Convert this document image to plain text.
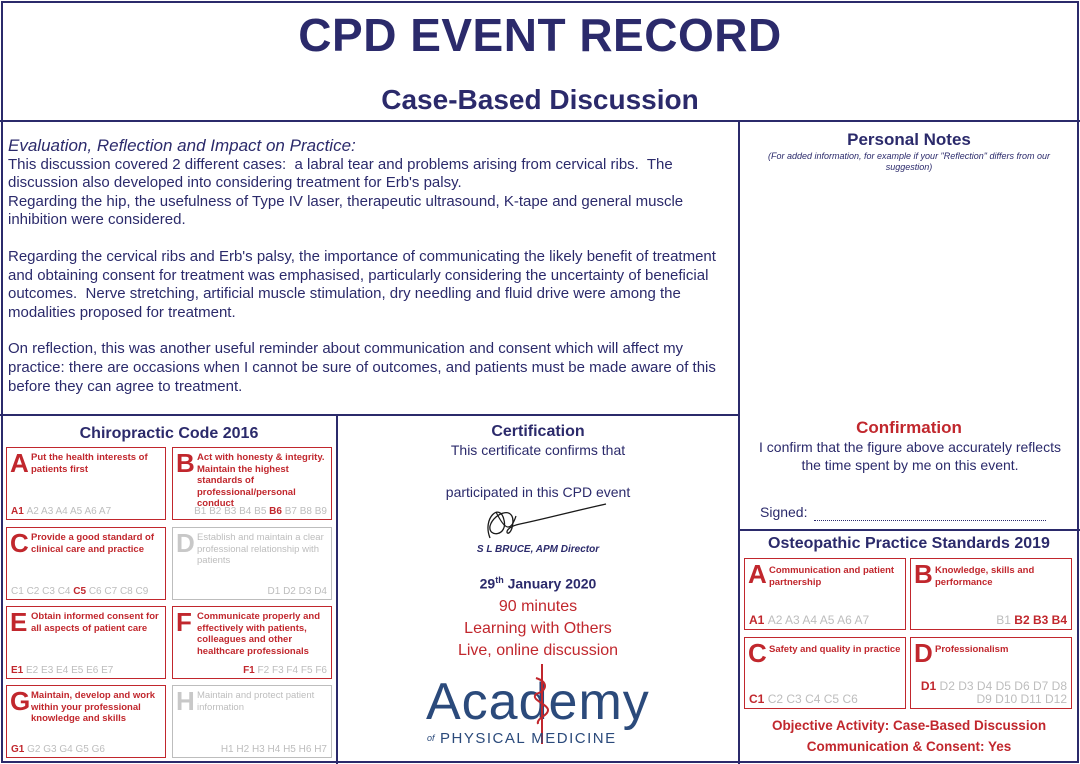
CPD EVENT RECORD
Case-Based Discussion
Evaluation, Reflection and Impact on Practice:

This discussion covered 2 different cases:  a labral tear and problems arising from cervical ribs.  The discussion also developed into considering treatment for Erb's palsy.
Regarding the hip, the usefulness of Type IV laser, therapeutic ultrasound, K-tape and general muscle inhibition were considered.

Regarding the cervical ribs and Erb's palsy, the importance of communicating the likely benefit of treatment and obtaining consent for treatment was emphasised, particularly considering the uncertainty of beneficial outcomes.  Nerve stretching, artificial muscle stimulation, dry needling and fluid drive were among the modalities proposed for treatment.

On reflection, this was another useful reminder about communication and consent which will affect my practice: there are occasions when I cannot be sure of outcomes, and patients must be made aware of this before they can agree to treatment.

Personal Notes
(For added information, for example if your "Reflection" differs from our suggestion)
Chiropractic Code 2016
A Put the health interests of patients first
A1 A2 A3 A4 A5 A6 A7
B Act with honesty & integrity. Maintain the highest standards of professional/personal conduct
B1 B2 B3 B4 B5 B6 B7 B8 B9
C Provide a good standard of clinical care and practice
C1 C2 C3 C4 C5 C6 C7 C8 C9
D Establish and maintain a clear professional relationship with patients
D1 D2 D3 D4
E Obtain informed consent for all aspects of patient care
E1 E2 E3 E4 E5 E6 E7
F Communicate properly and effectively with patients, colleagues and other healthcare professionals
F1 F2 F3 F4 F5 F6
G Maintain, develop and work within your professional knowledge and skills
G1 G2 G3 G4 G5 G6
H Maintain and protect patient information
H1 H2 H3 H4 H5 H6 H7
Certification
This certificate confirms that
participated in this CPD event
S L BRUCE, APM Director
29th January 2020
90 minutes
Learning with Others
Live, online discussion
Academy
of PHYSICAL MEDICINE
Confirmation
I confirm that the figure above accurately reflects the time spent by me on this event.
Signed:
Osteopathic Practice Standards 2019
A Communication and patient partnership
A1 A2 A3 A4 A5 A6 A7
B Knowledge, skills and performance
B1 B2 B3 B4
C Safety and quality in practice
C1 C2 C3 C4 C5 C6
D Professionalism
D1 D2 D3 D4 D5 D6 D7 D8 D9 D10 D11 D12
Objective Activity: Case-Based Discussion
Communication & Consent: Yes
